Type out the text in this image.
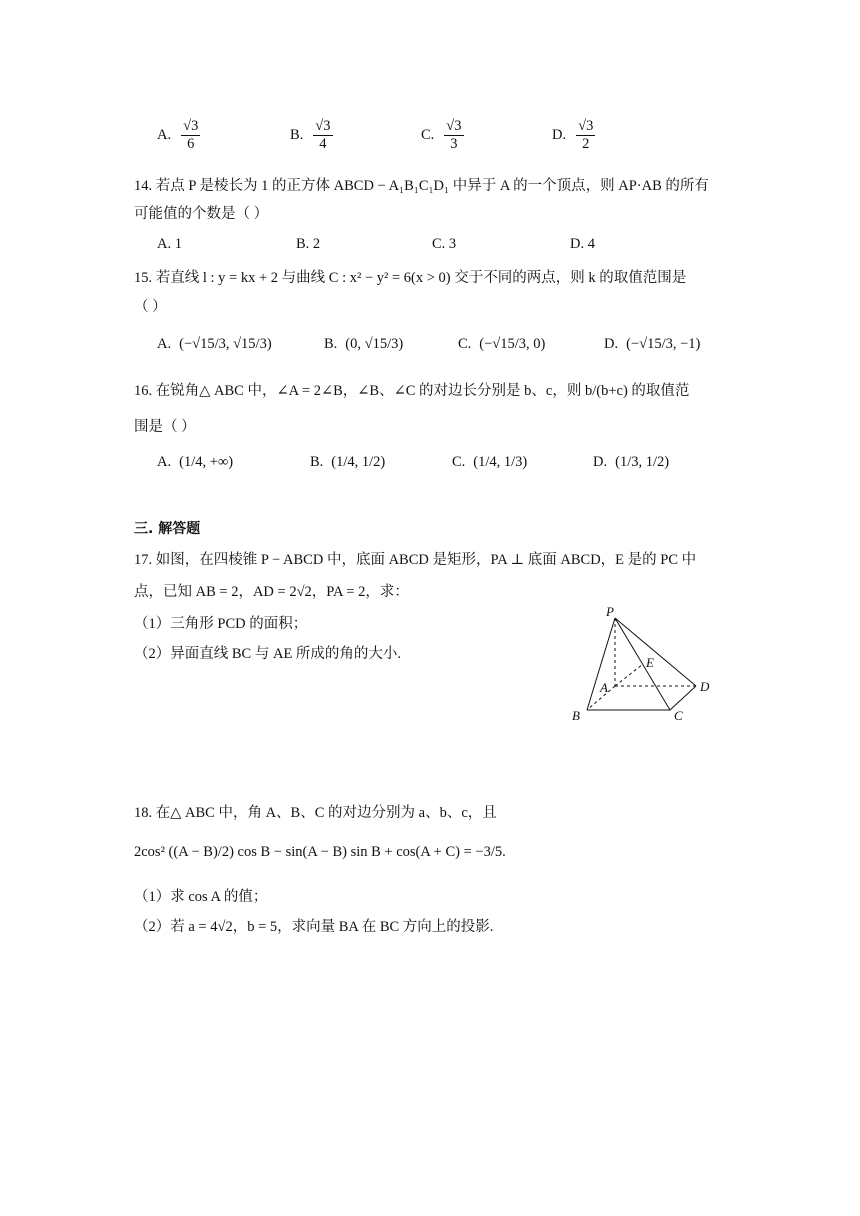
A. $\frac{√3}{6}$	B. $\frac{√3}{4}$	C. $\frac{√3}{3}$	D. $\frac{√3}{2}$
14. 若点 P 是棱长为 1 的正方体 ABCD − A₁B₁C₁D₁ 中异于 A 的一个顶点，则 AP·AB 的所有
可能值的个数是（ ）
A. 1	B. 2	C. 3	D. 4
15. 若直线 l : y = kx + 2 与曲线 C : x² − y² = 6(x > 0) 交于不同的两点，则 k 的取值范围是
（ ）
A. (−√15/3, √15/3)	B. (0, √15/3)	C. (−√15/3, 0)	D. (−√15/3, −1)
16. 在锐角△ ABC 中，∠A = 2∠B，∠B、∠C 的对边长分别是 b、c，则 b/(b+c) 的取值范
围是（ ）
A. (1/4, +∞)	B. (1/4, 1/2)	C. (1/4, 1/3)	D. (1/3, 1/2)
三. 解答题
17. 如图，在四棱锥 P − ABCD 中，底面 ABCD 是矩形，PA ⊥ 底面 ABCD，E 是的 PC 中
点，已知 AB = 2，AD = 2√2，PA = 2，求：
（1）三角形 PCD 的面积；
（2）异面直线 BC 与 AE 所成的角的大小.
P
E
A	D
B	C
18. 在△ ABC 中，角 A、B、C 的对边分别为 a、b、c，且
2cos² ((A − B)/2) cos B − sin(A − B) sin B + cos(A + C) = −3/5.
（1）求 cos A 的值；
（2）若 a = 4√2，b = 5，求向量 BA 在 BC 方向上的投影.
